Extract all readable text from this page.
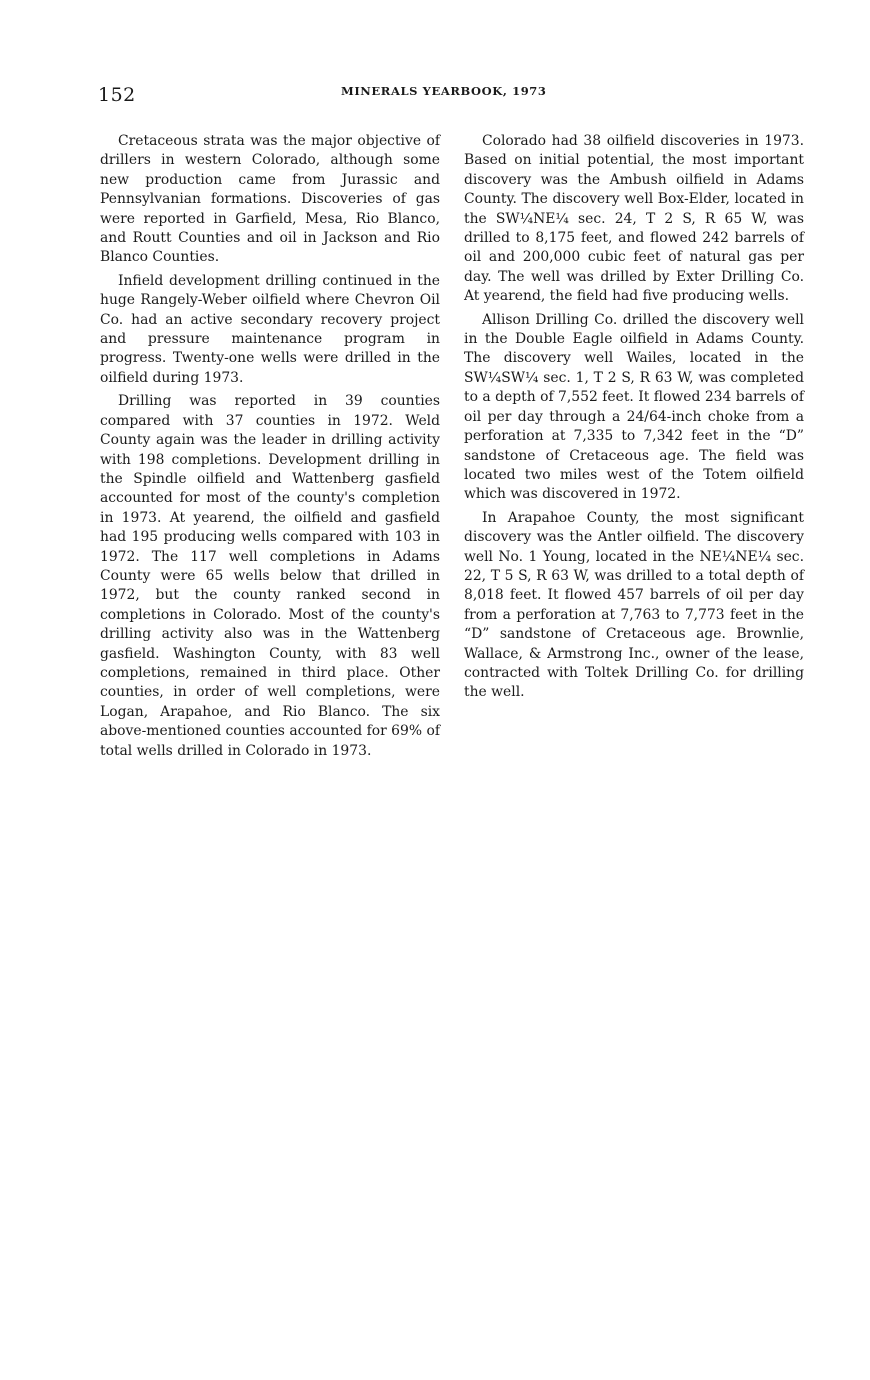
152	MINERALS YEARBOOK, 1973

Cretaceous strata was the major objective of drillers in western Colorado, although some new production came from Jurassic and Pennsylvanian formations. Discoveries of gas were reported in Garfield, Mesa, Rio Blanco, and Routt Counties and oil in Jackson and Rio Blanco Counties.

Infield development drilling continued in the huge Rangely-Weber oilfield where Chevron Oil Co. had an active secondary recovery project and pressure maintenance program in progress. Twenty-one wells were drilled in the oilfield during 1973.

Drilling was reported in 39 counties compared with 37 counties in 1972. Weld County again was the leader in drilling activity with 198 completions. Development drilling in the Spindle oilfield and Wattenberg gasfield accounted for most of the county's completion in 1973. At yearend, the oilfield and gasfield had 195 producing wells compared with 103 in 1972. The 117 well completions in Adams County were 65 wells below that drilled in 1972, but the county ranked second in completions in Colorado. Most of the county's drilling activity also was in the Wattenberg gasfield. Washington County, with 83 well completions, remained in third place. Other counties, in order of well completions, were Logan, Arapahoe, and Rio Blanco. The six above-mentioned counties accounted for 69% of total wells drilled in Colorado in 1973.

Colorado had 38 oilfield discoveries in 1973. Based on initial potential, the most important discovery was the Ambush oilfield in Adams County. The discovery well Box-Elder, located in the SW¼NE¼ sec. 24, T 2 S, R 65 W, was drilled to 8,175 feet, and flowed 242 barrels of oil and 200,000 cubic feet of natural gas per day. The well was drilled by Exter Drilling Co. At yearend, the field had five producing wells.

Allison Drilling Co. drilled the discovery well in the Double Eagle oilfield in Adams County. The discovery well Wailes, located in the SW¼SW¼ sec. 1, T 2 S, R 63 W, was completed to a depth of 7,552 feet. It flowed 234 barrels of oil per day through a 24/64-inch choke from a perforation at 7,335 to 7,342 feet in the “D” sandstone of Cretaceous age. The field was located two miles west of the Totem oilfield which was discovered in 1972.

In Arapahoe County, the most significant discovery was the Antler oilfield. The discovery well No. 1 Young, located in the NE¼NE¼ sec. 22, T 5 S, R 63 W, was drilled to a total depth of 8,018 feet. It flowed 457 barrels of oil per day from a perforation at 7,763 to 7,773 feet in the “D” sandstone of Cretaceous age. Brownlie, Wallace, & Armstrong Inc., owner of the lease, contracted with Toltek Drilling Co. for drilling the well.
